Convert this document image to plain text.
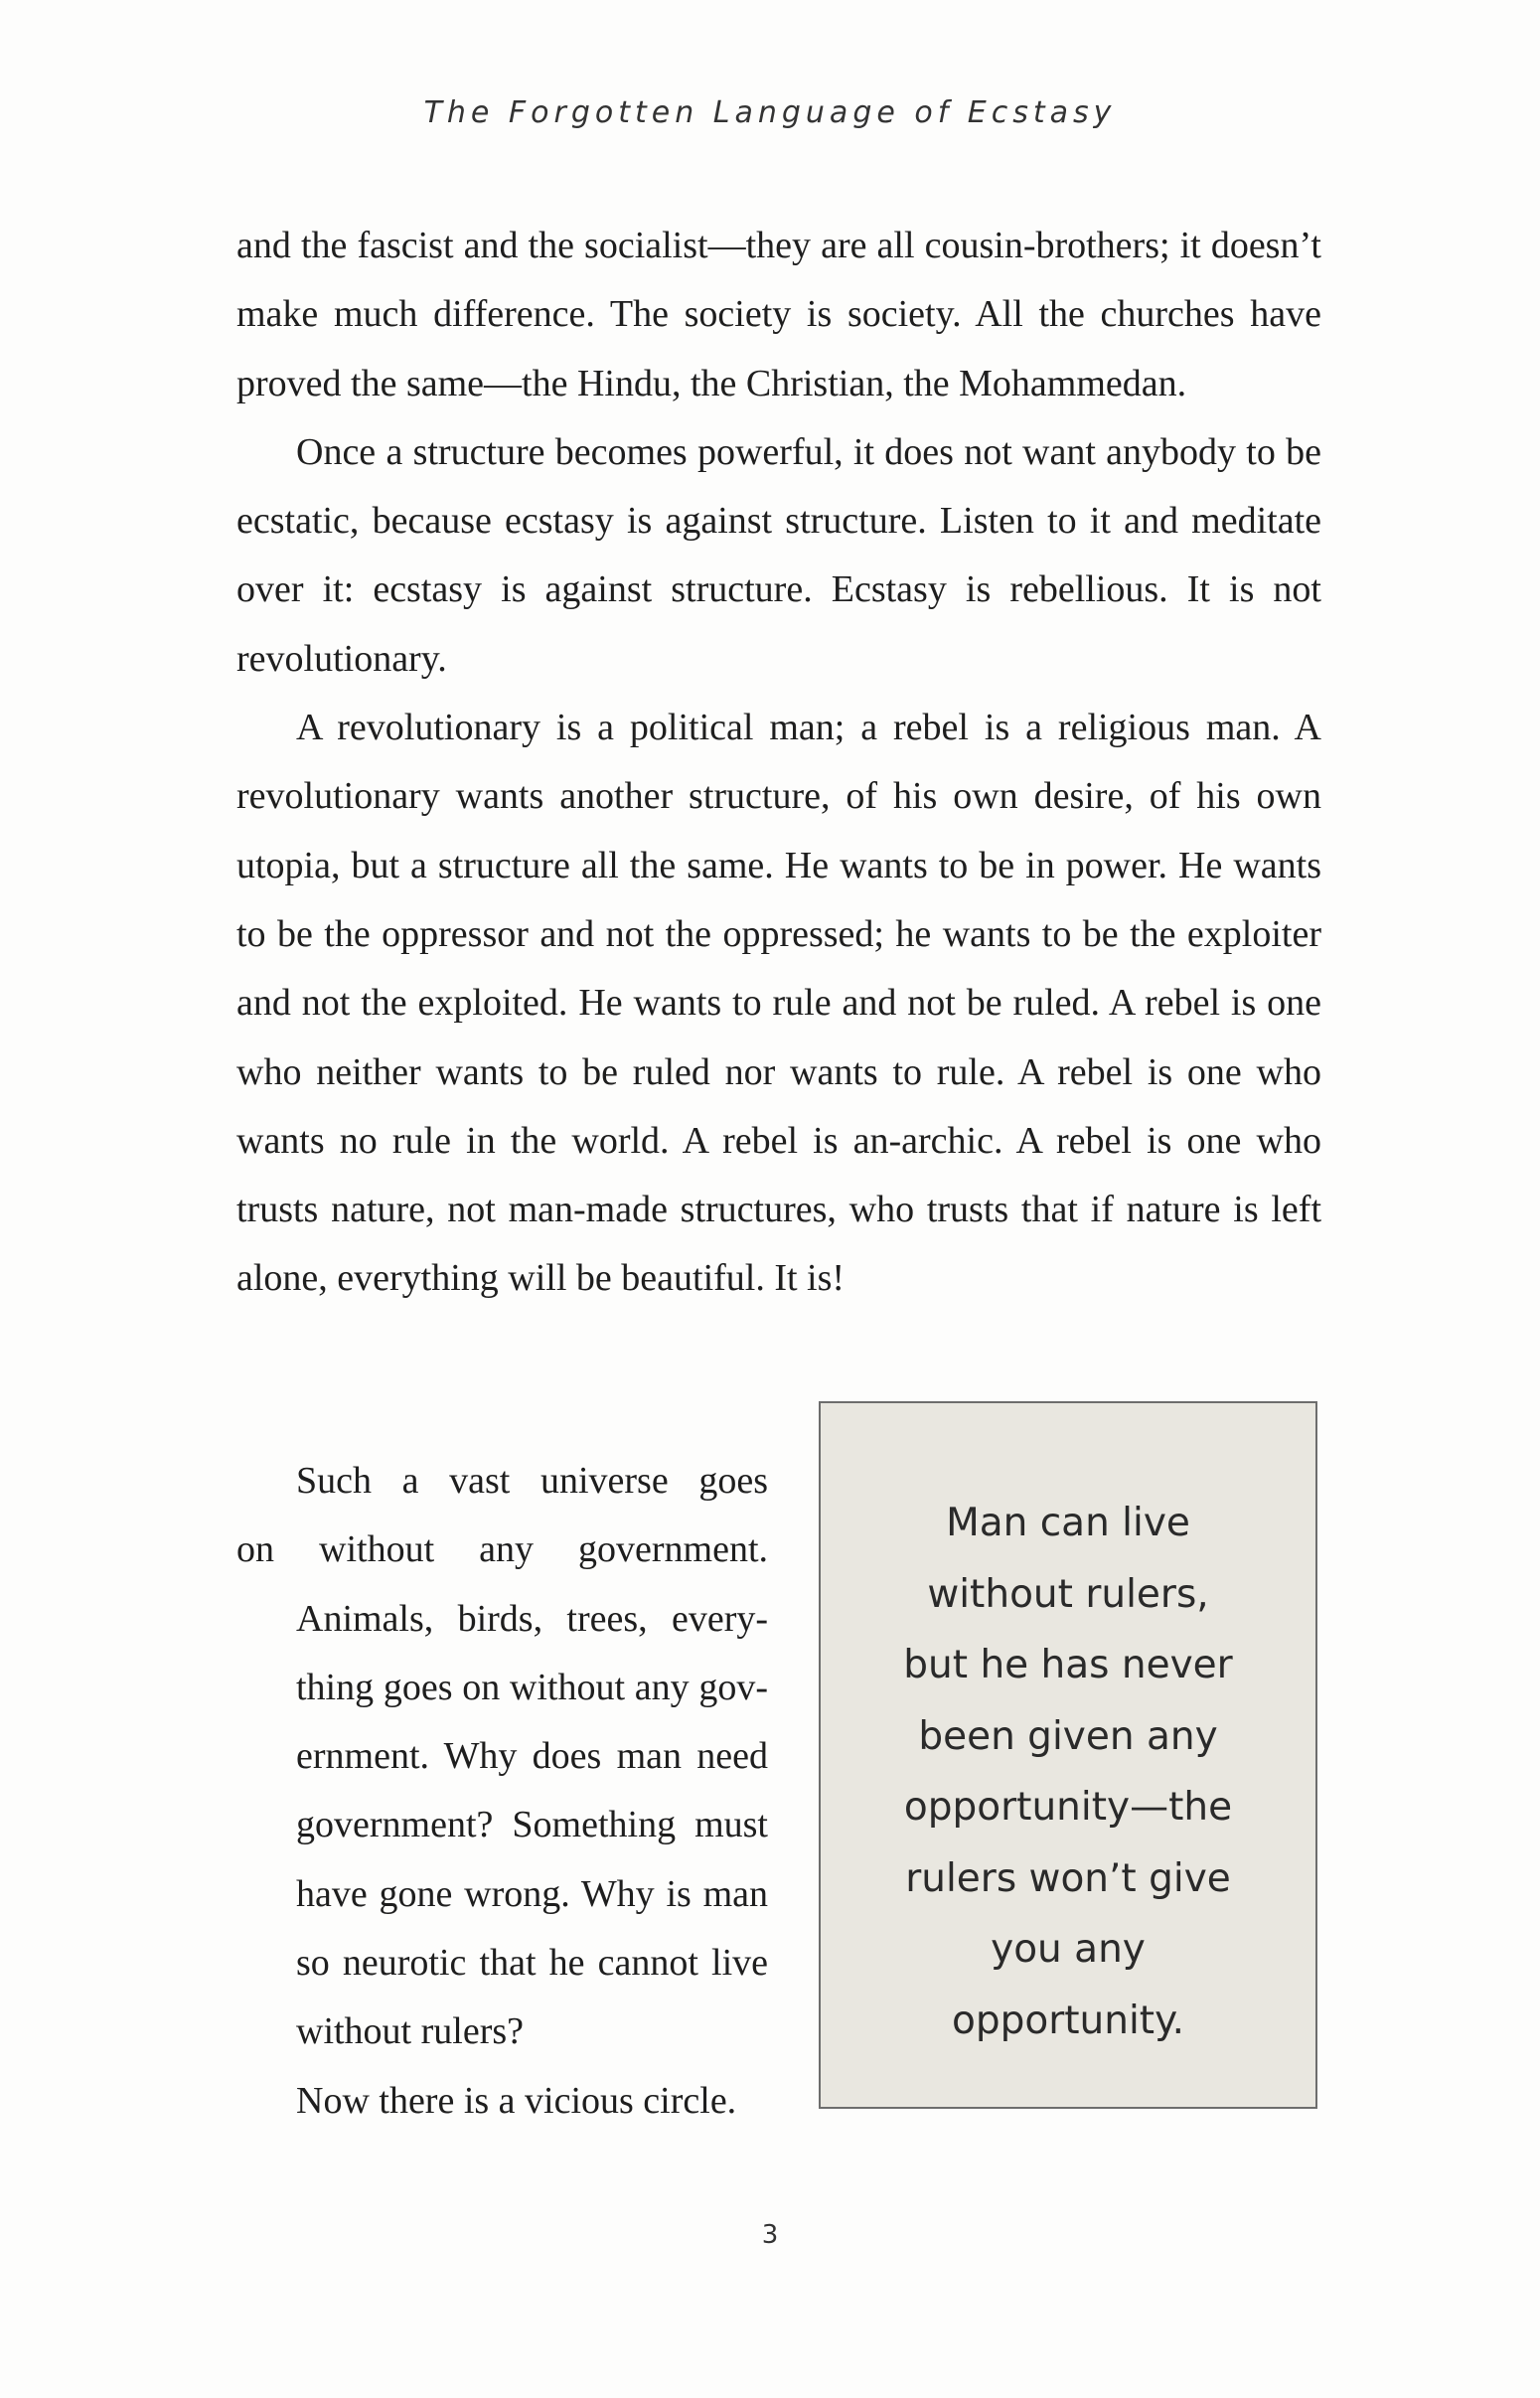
The Forgotten Language of Ecstasy

and the fascist and the socialist—they are all cousin-brothers; it doesn’t make much difference. The society is society. All the churches have proved the same—the Hindu, the Christian, the Mohammedan.

Once a structure becomes powerful, it does not want anybody to be ecstatic, because ecstasy is against structure. Listen to it and meditate over it: ecstasy is against structure. Ecstasy is rebellious. It is not revolutionary.

A revolutionary is a political man; a rebel is a religious man. A revolutionary wants another structure, of his own desire, of his own utopia, but a structure all the same. He wants to be in power. He wants to be the oppressor and not the oppressed; he wants to be the exploiter and not the exploited. He wants to rule and not be ruled. A rebel is one who neither wants to be ruled nor wants to rule. A rebel is one who wants no rule in the world. A rebel is an-archic. A rebel is one who trusts nature, not man-made structures, who trusts that if nature is left alone, everything will be beautiful. It is!

Such a vast universe goes
on without any government.
Animals, birds, trees, every-
thing goes on without any gov-
ernment. Why does man need
government? Something must
have gone wrong. Why is man
so neurotic that he cannot live
without rulers?

Now there is a vicious circle.

Man can live
without rulers,
but he has never
been given any
opportunity—the
rulers won’t give
you any
opportunity.
3
